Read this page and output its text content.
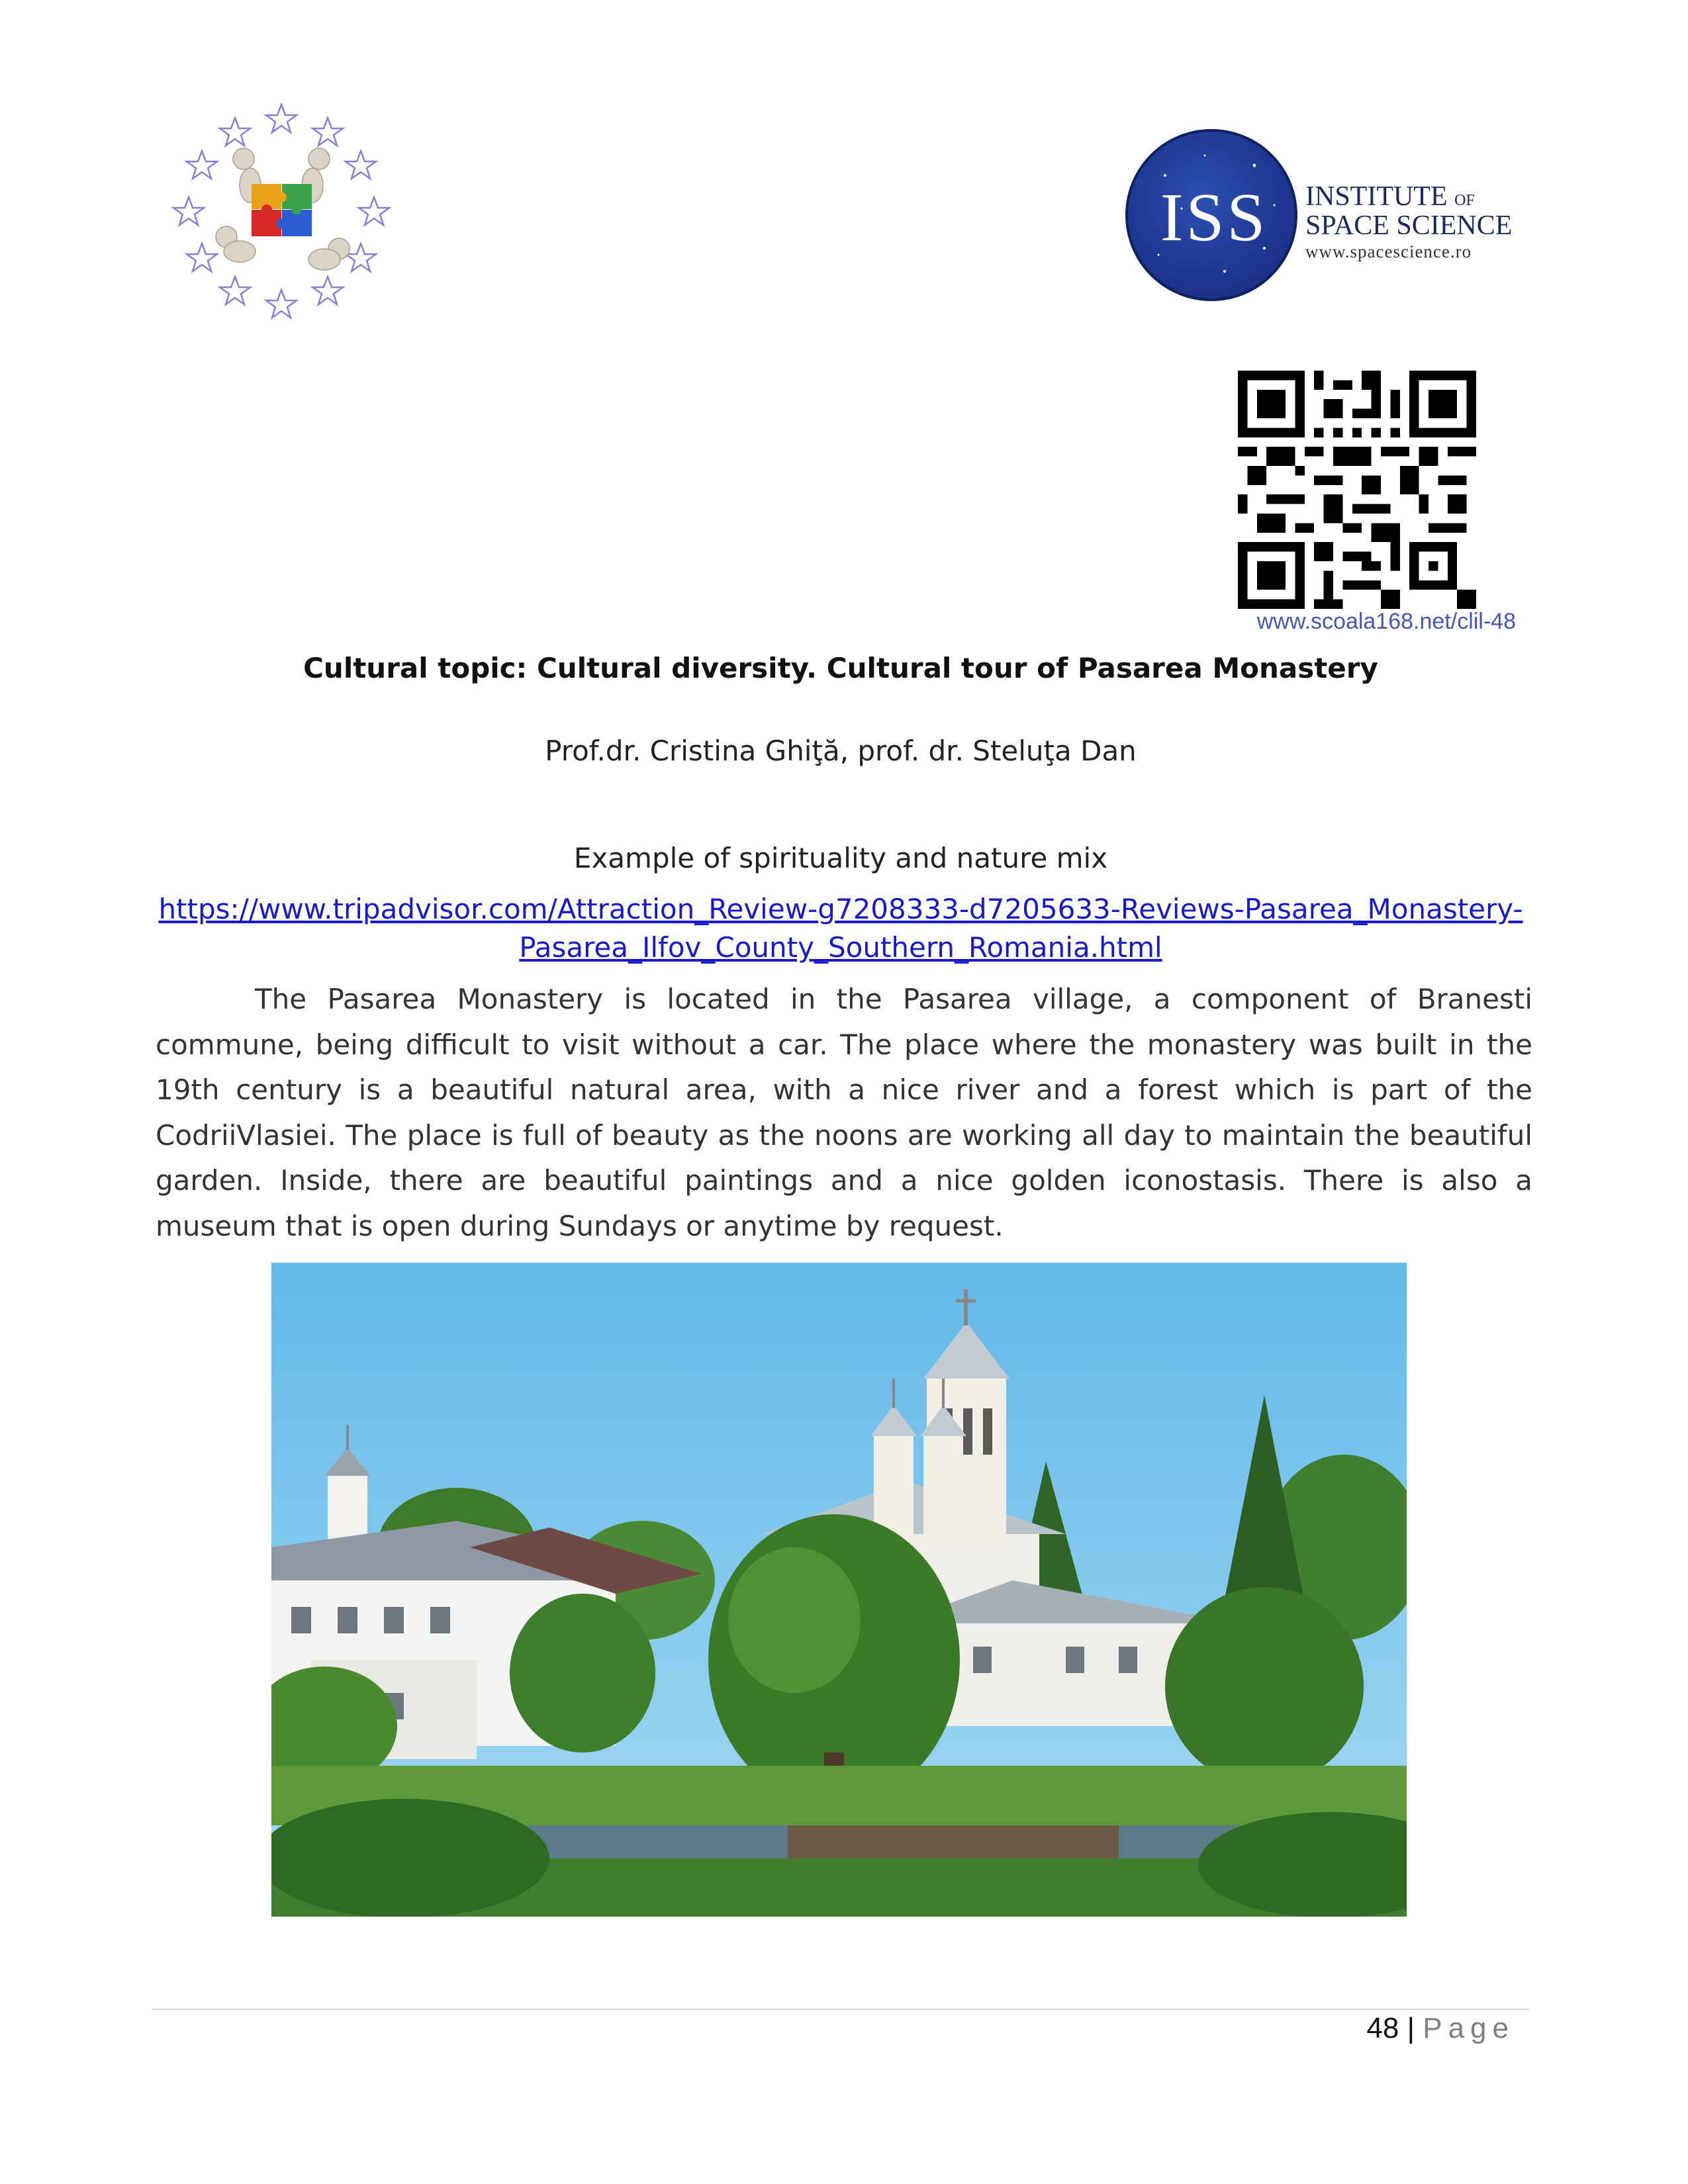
ISS	INSTITUTE OF
SPACE SCIENCE
www.spacescience.ro
www.scoala168.net/clil-48
Cultural topic: Cultural diversity. Cultural tour of Pasarea Monastery
Prof.dr. Cristina Ghiţă, prof. dr. Steluţa Dan
Example of spirituality and nature mix
https://www.tripadvisor.com/Attraction_Review-g7208333-d7205633-Reviews-Pasarea_Monastery-
Pasarea_Ilfov_County_Southern_Romania.html
The Pasarea Monastery is located in the Pasarea village, a component of Branesti commune, being difficult to visit without a car. The place where the monastery was built in the 19th century is a beautiful natural area, with a nice river and a forest which is part of the CodriiVlasiei. The place is full of beauty as the noons are working all day to maintain the beautiful garden. Inside, there are beautiful paintings and a nice golden iconostasis. There is also a museum that is open during Sundays or anytime by request.
48 | Page
